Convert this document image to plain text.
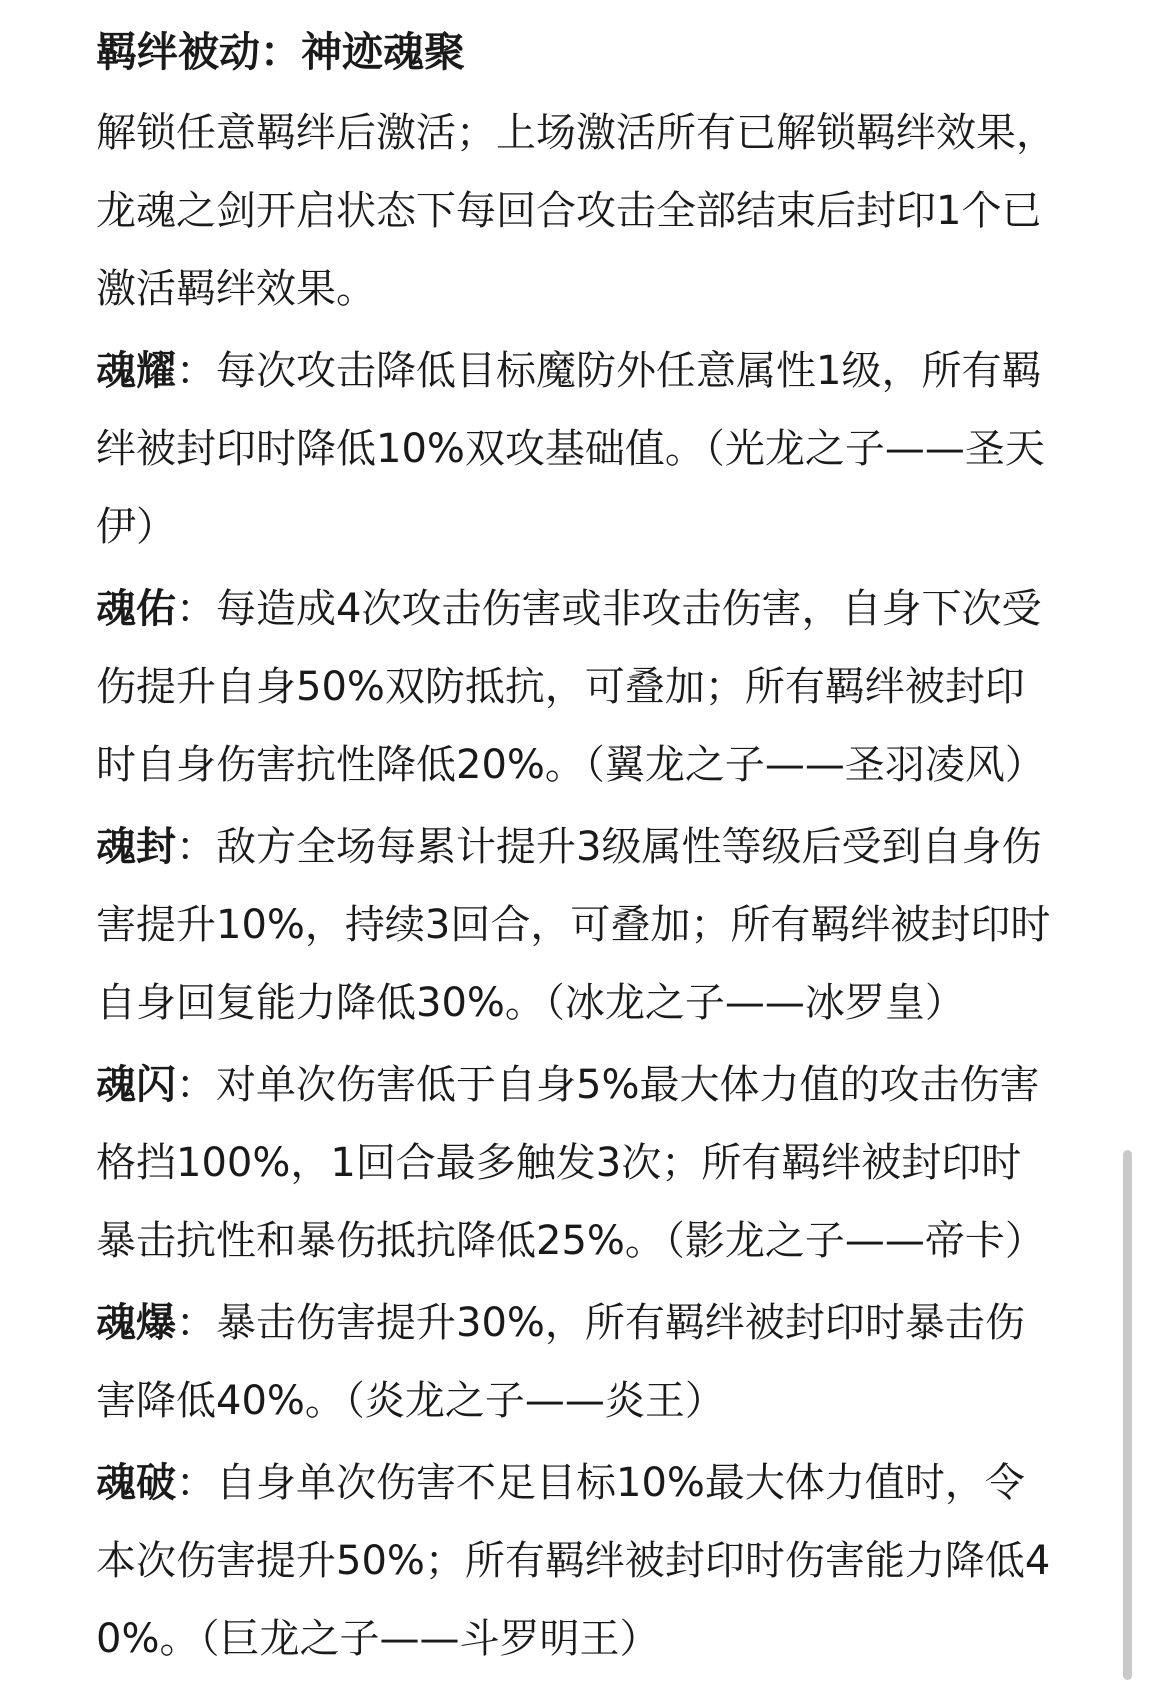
羁绊被动：神迹魂聚
解锁任意羁绊后激活；上场激活所有已解锁羁绊效果，龙魂之剑开启状态下每回合攻击全部结束后封印1个已激活羁绊效果。
魂耀：每次攻击降低目标魔防外任意属性1级，所有羁绊被封印时降低10%双攻基础值。（光龙之子——圣天伊）
魂佑：每造成4次攻击伤害或非攻击伤害，自身下次受伤提升自身50%双防抵抗，可叠加；所有羁绊被封印时自身伤害抗性降低20%。（翼龙之子——圣羽凌风）
魂封：敌方全场每累计提升3级属性等级后受到自身伤害提升10%，持续3回合，可叠加；所有羁绊被封印时自身回复能力降低30%。（冰龙之子——冰罗皇）
魂闪：对单次伤害低于自身5%最大体力值的攻击伤害格挡100%，1回合最多触发3次；所有羁绊被封印时暴击抗性和暴伤抵抗降低25%。（影龙之子——帝卡）
魂爆：暴击伤害提升30%，所有羁绊被封印时暴击伤害降低40%。（炎龙之子——炎王）
魂破：自身单次伤害不足目标10%最大体力值时，令本次伤害提升50%；所有羁绊被封印时伤害能力降低40%。（巨龙之子——斗罗明王）
